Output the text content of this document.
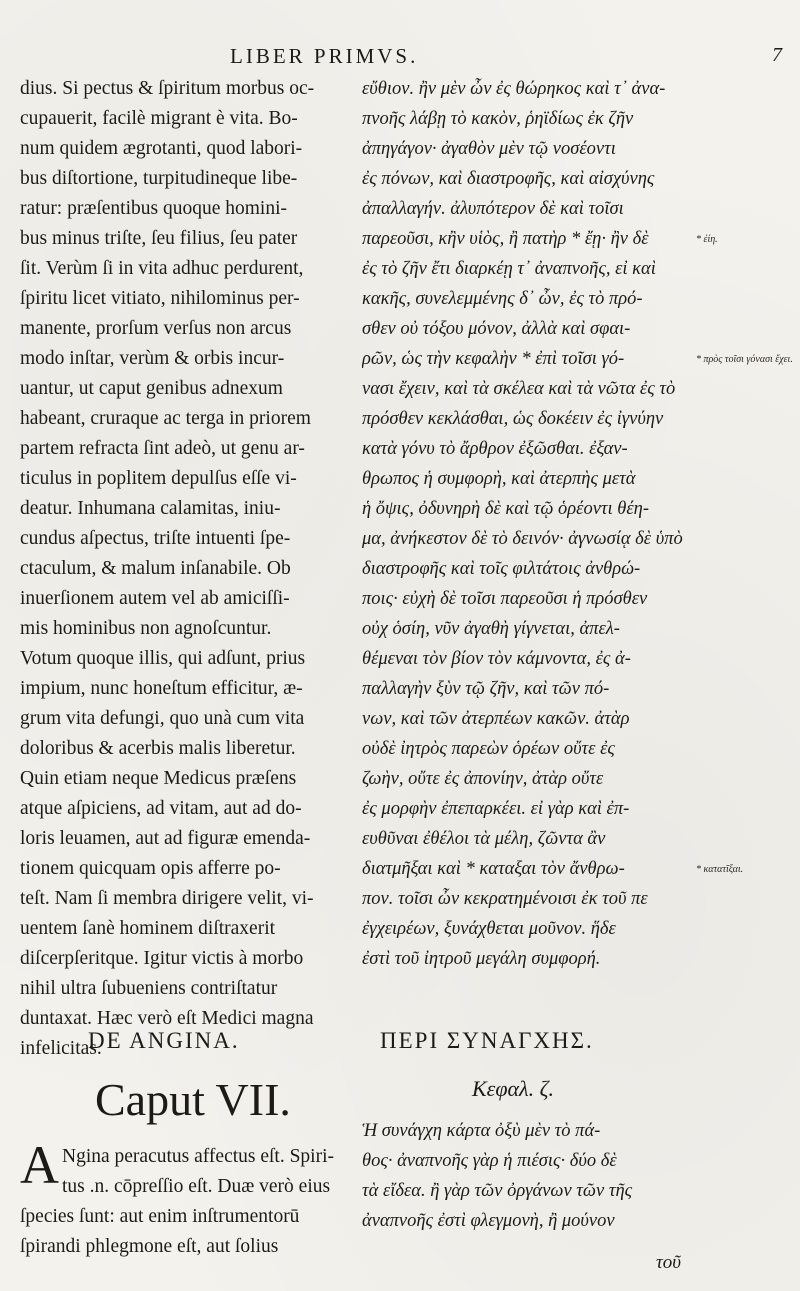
LIBER PRIMVS.	7
dius. Si pectus & ſpiritum morbus oc-
cupauerit, facilè migrant è vita. Bo-
num quidem ægrotanti, quod labori-
bus diſtortione, turpitudineque libe-
ratur: præſentibus quoque homini-
bus minus triſte, ſeu filius, ſeu pater
ſit. Verùm ſi in vita adhuc perdurent,
ſpiritu licet vitiato, nihilominus per-
manente, prorſum verſus non arcus
modo inſtar, verùm & orbis incur-
uantur, ut caput genibus adnexum
habeant, cruraque ac terga in priorem
partem refracta ſint adeò, ut genu ar-
ticulus in poplitem depulſus eſſe vi-
deatur. Inhumana calamitas, iniu-
cundus aſpectus, triſte intuenti ſpe-
ctaculum, & malum inſanabile. Ob
inuerſionem autem vel ab amiciſſi-
mis hominibus non agnoſcuntur.
Votum quoque illis, qui adſunt, prius
impium, nunc honeſtum efficitur, æ-
grum vita defungi, quo unà cum vita
doloribus & acerbis malis liberetur.
Quin etiam neque Medicus præſens
atque aſpiciens, ad vitam, aut ad do-
loris leuamen, aut ad figuræ emenda-
tionem quicquam opis afferre po-
teſt. Nam ſi membra dirigere velit, vi-
uentem ſanè hominem diſtraxerit
diſcerpſeritque. Igitur victis à morbo
nihil ultra ſubueniens contriſtatur
duntaxat. Hæc verò eſt Medici magna
infelicitas.
εὔθιον. ἢν μὲν ὦν ἐς θώρηκος καὶ τ᾽ ἀνα-
πνοῆς λάβῃ τὸ κακὸν, ῥηϊδίως ἐκ ζῆν
ἀπηγάγον· ἀγαθὸν μὲν τῷ νοσέοντι
ἐς πόνων, καὶ διαστροφῆς, καὶ αἰσχύνης
ἀπαλλαγήν. ἀλυπότερον δὲ καὶ τοῖσι
παρεοῦσι, κἢν υἱὸς, ἢ πατὴρ * ἔῃ· ἢν δὲ
ἐς τὸ ζῆν ἔτι διαρκέῃ τ᾽ ἀναπνοῆς, εἰ καὶ
κακῆς, συνελεμμένης δ᾽ ὦν, ἐς τὸ πρό-
σθεν οὐ τόξου μόνον, ἀλλὰ καὶ σφαι-
ρῶν, ὡς τὴν κεφαλὴν * ἐπὶ τοῖσι γό-
νασι ἔχειν, καὶ τὰ σκέλεα καὶ τὰ νῶτα ἐς τὸ
πρόσθεν κεκλάσθαι, ὡς δοκέειν ἐς ἰγνύην
κατὰ γόνυ τὸ ἄρθρον ἐξῶσθαι. ἐξαν-
θρωπος ἡ συμφορὴ, καὶ ἀτερπὴς μετὰ
ἡ ὄψις, ὀδυνηρὴ δὲ καὶ τῷ ὁρέοντι θέη-
μα, ἀνήκεστον δὲ τὸ δεινόν· ἀγνωσίᾳ δὲ ὑπὸ
διαστροφῆς καὶ τοῖς φιλτάτοις ἀνθρώ-
ποις· εὐχὴ δὲ τοῖσι παρεοῦσι ἡ πρόσθεν
οὐχ ὁσίη, νῦν ἀγαθὴ γίγνεται, ἀπελ-
θέμεναι τὸν βίον τὸν κάμνοντα, ἐς ἀ-
παλλαγὴν ξὺν τῷ ζῆν, καὶ τῶν πό-
νων, καὶ τῶν ἀτερπέων κακῶν. ἀτὰρ
οὐδὲ ἰητρὸς παρεὼν ὁρέων οὔτε ἐς
ζωὴν, οὔτε ἐς ἀπονίην, ἀτὰρ οὔτε
ἐς μορφὴν ἐπεπαρκέει. εἰ γὰρ καὶ ἐπ-
ευθῦναι ἐθέλοι τὰ μέλη, ζῶντα ἂν
διατμῆξαι καὶ * καταξαι τὸν ἄνθρω-
πον. τοῖσι ὦν κεκρατημένοισι ἐκ τοῦ πε
ἐγχειρέων, ξυνάχθεται μοῦνον. ἥδε
ἐστὶ τοῦ ἰητροῦ μεγάλη συμφορή.
* ἐίη.
* πρὸς τοῖσι γόνασι ἔχει.
* κατατῖξαι.
DE ANGINA.	ΠΕΡΙ ΣΥΝΑΓΧΗΣ.
Caput VII.	Κεφαλ. ζ.
A Ngina peracutus affectus eſt. Spiri-
tus .n. cōpreſſio eſt. Duæ verò eius
ſpecies ſunt: aut enim inſtrumentorū
ſpirandi phlegmone eſt, aut ſolius
Ἡ συνάγχη κάρτα ὀξὺ μὲν τὸ πά-
θος· ἀναπνοῆς γὰρ ἡ πιέσις· δύο δὲ
τὰ εἴδεα. ἢ γὰρ τῶν ὀργάνων τῶν τῆς
ἀναπνοῆς ἐστὶ φλεγμονὴ, ἢ μούνον
τοῦ
